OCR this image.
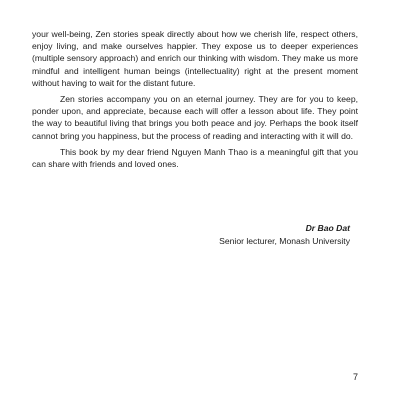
your well-being, Zen stories speak directly about how we cherish life, respect others, enjoy living, and make ourselves happier. They expose us to deeper experiences (multiple sensory approach) and enrich our thinking with wisdom. They make us more mindful and intelligent human beings (intellectuality) right at the present moment without having to wait for the distant future.

Zen stories accompany you on an eternal journey. They are for you to keep, ponder upon, and appreciate, because each will offer a lesson about life. They point the way to beautiful living that brings you both peace and joy. Perhaps the book itself cannot bring you happiness, but the process of reading and interacting with it will do.

This book by my dear friend Nguyen Manh Thao is a meaningful gift that you can share with friends and loved ones.

Dr Bao Dat
Senior lecturer, Monash University
7
